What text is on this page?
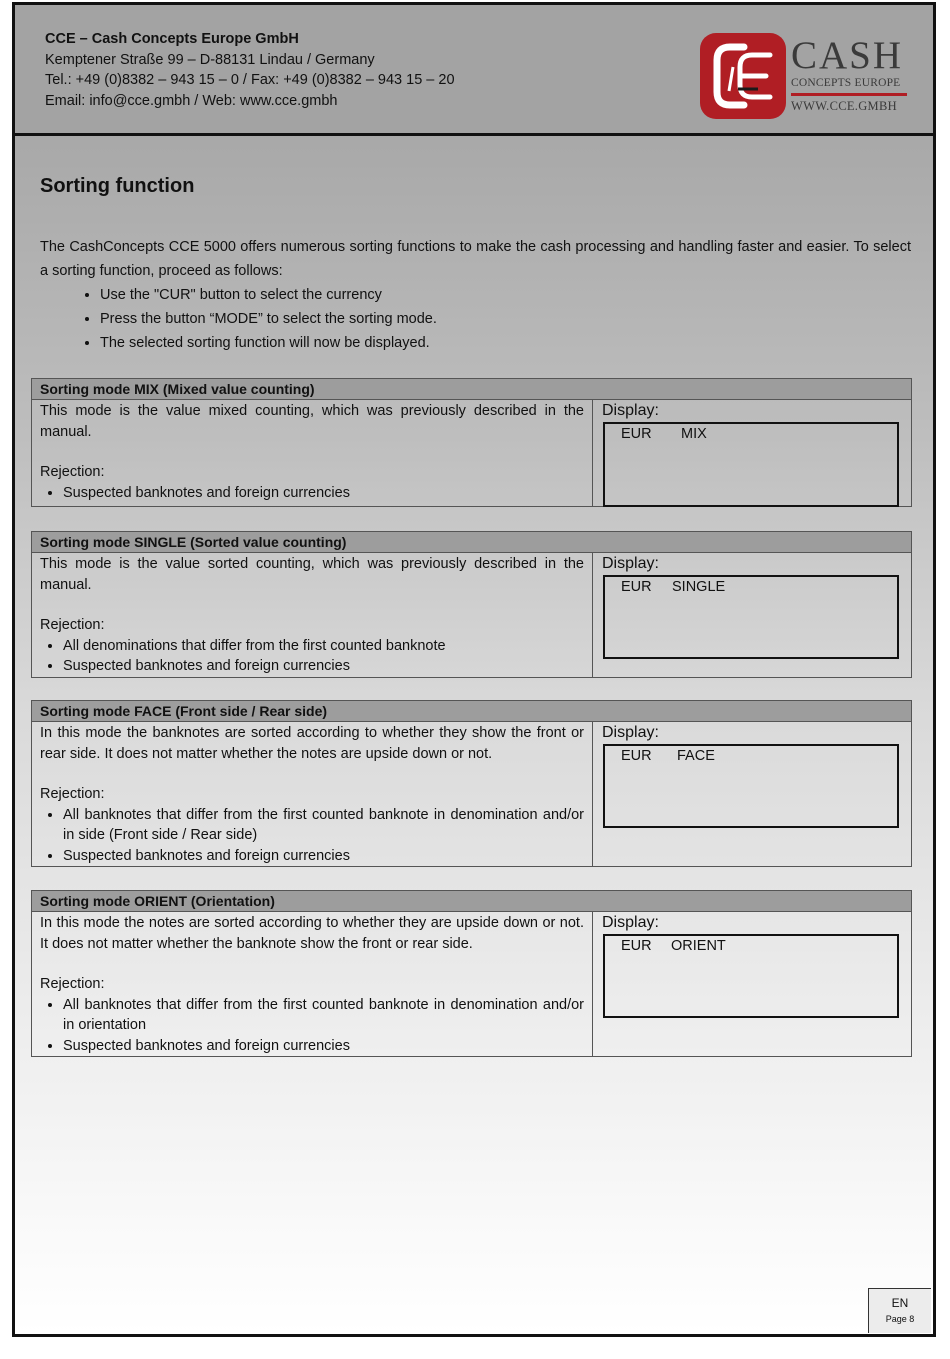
CCE – Cash Concepts Europe GmbH
Kemptener Straße 99 – D-88131 Lindau / Germany
Tel.: +49 (0)8382 – 943 15 – 0 / Fax: +49 (0)8382 – 943 15 – 20
Email: info@cce.gmbh / Web: www.cce.gmbh
CASH
CONCEPTS EUROPE
WWW.CCE.GMBH
Sorting function
The CashConcepts CCE 5000 offers numerous sorting functions to make the cash processing and handling faster and easier. To select a sorting function, proceed as follows:
• Use the "CUR" button to select the currency
• Press the button “MODE” to select the sorting mode.
• The selected sorting function will now be displayed.
Sorting mode MIX (Mixed value counting)

This mode is the value mixed counting, which was previously described in the manual.

Rejection:
• Suspected banknotes and foreign currencies
Display:
EUR MIX
Sorting mode SINGLE (Sorted value counting)

This mode is the value sorted counting, which was previously described in the manual.

Rejection:
• All denominations that differ from the first counted banknote
• Suspected banknotes and foreign currencies
Display:
EUR SINGLE
Sorting mode FACE (Front side / Rear side)

In this mode the banknotes are sorted according to whether they show the front or rear side. It does not matter whether the notes are upside down or not.

Rejection:
• All banknotes that differ from the first counted banknote in denomination and/or in side (Front side / Rear side)
• Suspected banknotes and foreign currencies
Display:
EUR FACE
Sorting mode ORIENT (Orientation)

In this mode the notes are sorted according to whether they are upside down or not. It does not matter whether the banknote show the front or rear side.

Rejection:
• All banknotes that differ from the first counted banknote in denomination and/or in orientation
• Suspected banknotes and foreign currencies
Display:
EUR ORIENT
EN
Page 8
